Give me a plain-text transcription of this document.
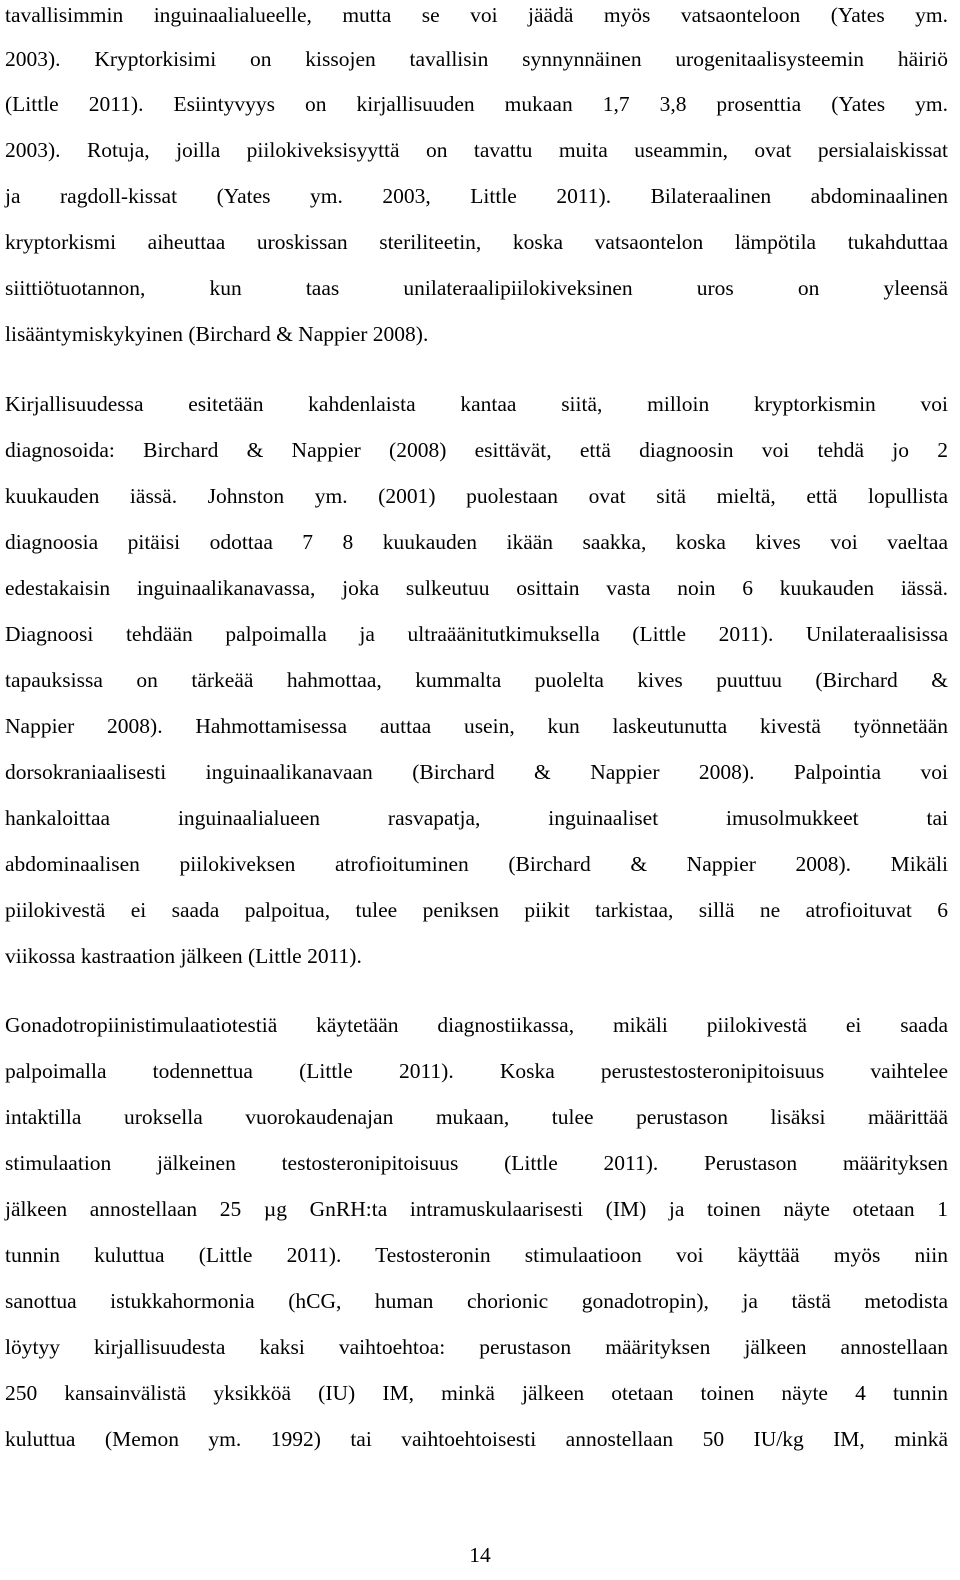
tavallisimmin inguinaalialueelle, mutta se voi jäädä myös vatsaonteloon (Yates ym.
2003). Kryptorkisimi on kissojen tavallisin synnynnäinen urogenitaalisysteemin häiriö
(Little 2011). Esiintyvyys on kirjallisuuden mukaan 1,7 3,8 prosenttia (Yates ym.
2003). Rotuja, joilla piilokiveksisyyttä on tavattu muita useammin, ovat persialaiskissat
ja ragdoll-kissat (Yates ym. 2003, Little 2011). Bilateraalinen abdominaalinen
kryptorkismi aiheuttaa uroskissan steriliteetin, koska vatsaontelon lämpötila tukahduttaa
siittiötuotannon, kun taas unilateraalipiilokiveksinen uros on yleensä
lisääntymiskykyinen (Birchard & Nappier 2008).
Kirjallisuudessa esitetään kahdenlaista kantaa siitä, milloin kryptorkismin voi
diagnosoida: Birchard & Nappier (2008) esittävät, että diagnoosin voi tehdä jo 2
kuukauden iässä. Johnston ym. (2001) puolestaan ovat sitä mieltä, että lopullista
diagnoosia pitäisi odottaa 7 8 kuukauden ikään saakka, koska kives voi vaeltaa
edestakaisin inguinaalikanavassa, joka sulkeutuu osittain vasta noin 6 kuukauden iässä.
Diagnoosi tehdään palpoimalla ja ultraäänitutkimuksella (Little 2011). Unilateraalisissa
tapauksissa on tärkeää hahmottaa, kummalta puolelta kives puuttuu (Birchard &
Nappier 2008). Hahmottamisessa auttaa usein, kun laskeutunutta kivestä työnnetään
dorsokraniaalisesti inguinaalikanavaan (Birchard & Nappier 2008). Palpointia voi
hankaloittaa inguinaalialueen rasvapatja, inguinaaliset imusolmukkeet tai
abdominaalisen piilokiveksen atrofioituminen (Birchard & Nappier 2008). Mikäli
piilokivestä ei saada palpoitua, tulee peniksen piikit tarkistaa, sillä ne atrofioituvat 6
viikossa kastraation jälkeen (Little 2011).
Gonadotropiinistimulaatiotestiä käytetään diagnostiikassa, mikäli piilokivestä ei saada
palpoimalla todennettua (Little 2011). Koska perustestosteronipitoisuus vaihtelee
intaktilla uroksella vuorokaudenajan mukaan, tulee perustason lisäksi määrittää
stimulaation jälkeinen testosteronipitoisuus (Little 2011). Perustason määrityksen
jälkeen annostellaan 25 µg GnRH:ta intramuskulaarisesti (IM) ja toinen näyte otetaan 1
tunnin kuluttua (Little 2011). Testosteronin stimulaatioon voi käyttää myös niin
sanottua istukkahormonia (hCG, human chorionic gonadotropin), ja tästä metodista
löytyy kirjallisuudesta kaksi vaihtoehtoa: perustason määrityksen jälkeen annostellaan
250 kansainvälistä yksikköä (IU) IM, minkä jälkeen otetaan toinen näyte 4 tunnin
kuluttua (Memon ym. 1992) tai vaihtoehtoisesti annostellaan 50 IU/kg IM, minkä
14
